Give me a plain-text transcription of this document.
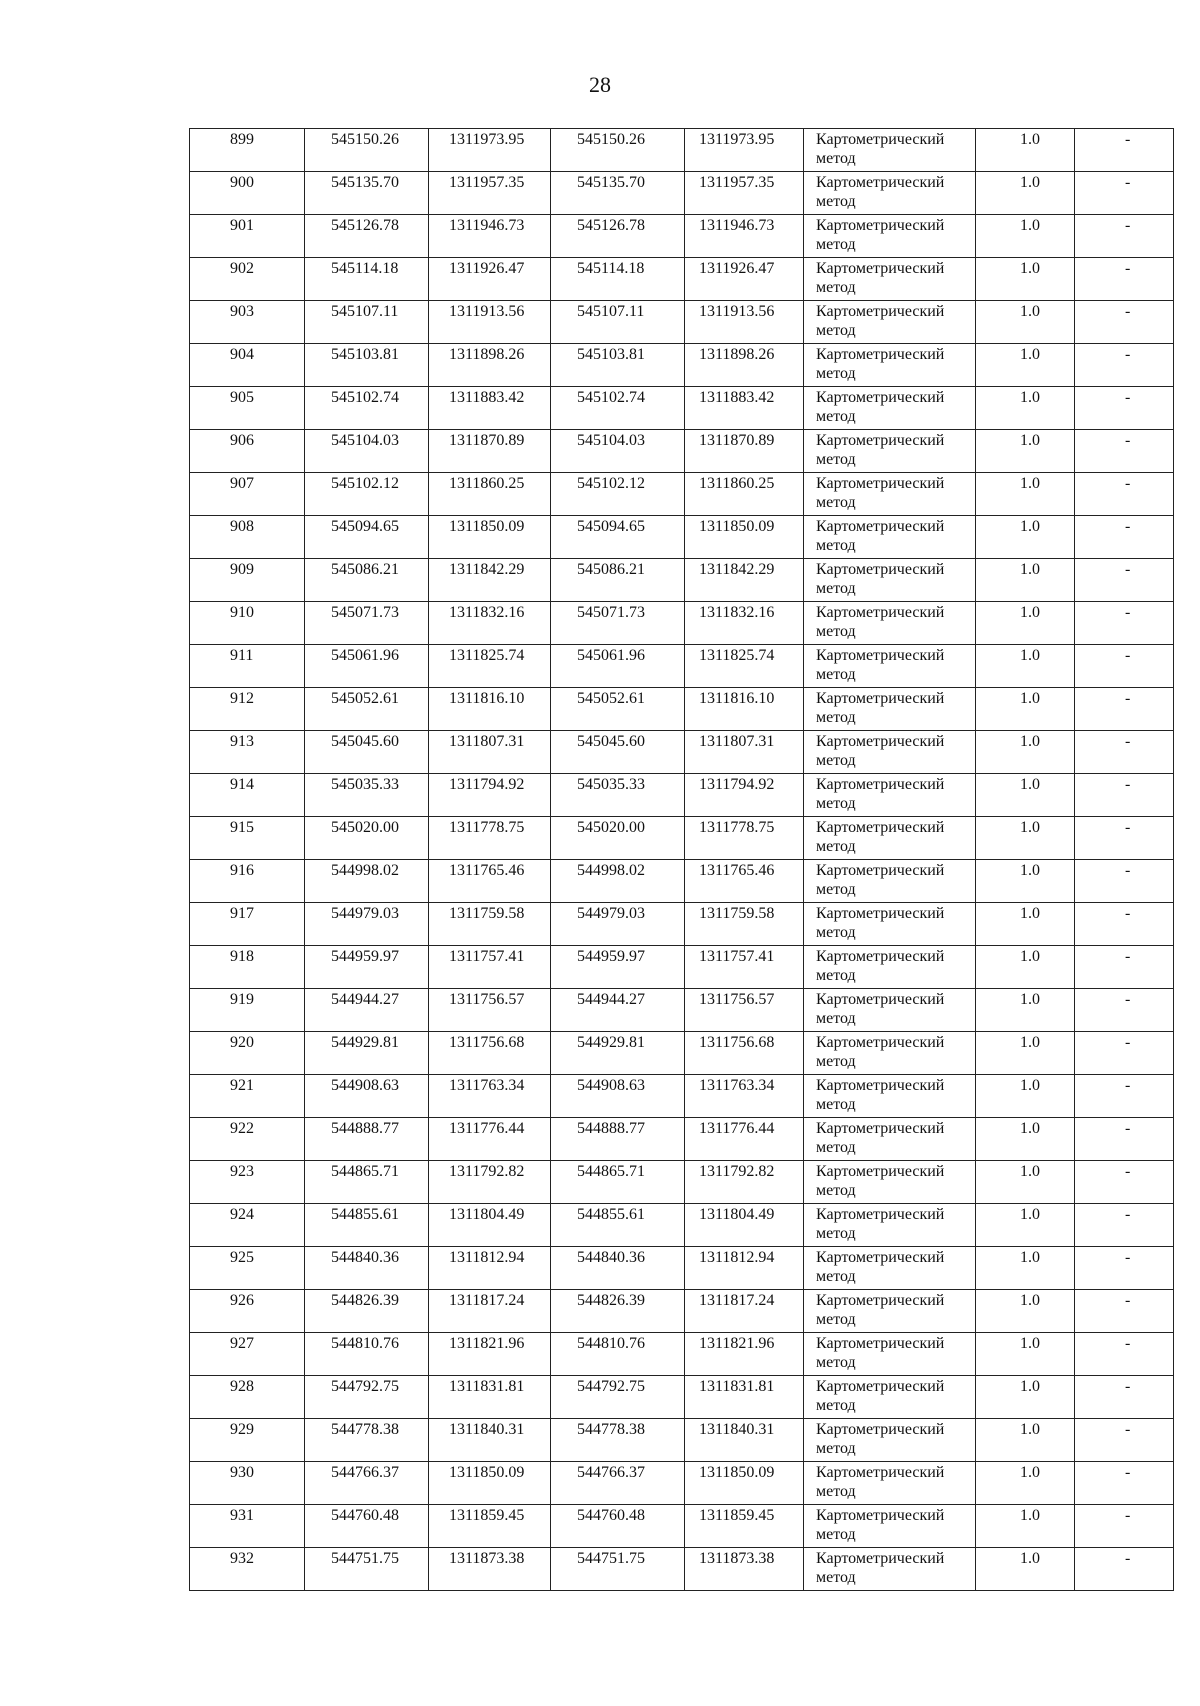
28
899	545150.26	1311973.95	545150.26	1311973.95	Картометрический метод	1.0	-

900	545135.70	1311957.35	545135.70	1311957.35	Картометрический метод	1.0	-

901	545126.78	1311946.73	545126.78	1311946.73	Картометрический метод	1.0	-

902	545114.18	1311926.47	545114.18	1311926.47	Картометрический метод	1.0	-

903	545107.11	1311913.56	545107.11	1311913.56	Картометрический метод	1.0	-

904	545103.81	1311898.26	545103.81	1311898.26	Картометрический метод	1.0	-

905	545102.74	1311883.42	545102.74	1311883.42	Картометрический метод	1.0	-

906	545104.03	1311870.89	545104.03	1311870.89	Картометрический метод	1.0	-

907	545102.12	1311860.25	545102.12	1311860.25	Картометрический метод	1.0	-

908	545094.65	1311850.09	545094.65	1311850.09	Картометрический метод	1.0	-

909	545086.21	1311842.29	545086.21	1311842.29	Картометрический метод	1.0	-

910	545071.73	1311832.16	545071.73	1311832.16	Картометрический метод	1.0	-

911	545061.96	1311825.74	545061.96	1311825.74	Картометрический метод	1.0	-

912	545052.61	1311816.10	545052.61	1311816.10	Картометрический метод	1.0	-

913	545045.60	1311807.31	545045.60	1311807.31	Картометрический метод	1.0	-

914	545035.33	1311794.92	545035.33	1311794.92	Картометрический метод	1.0	-

915	545020.00	1311778.75	545020.00	1311778.75	Картометрический метод	1.0	-

916	544998.02	1311765.46	544998.02	1311765.46	Картометрический метод	1.0	-

917	544979.03	1311759.58	544979.03	1311759.58	Картометрический метод	1.0	-

918	544959.97	1311757.41	544959.97	1311757.41	Картометрический метод	1.0	-

919	544944.27	1311756.57	544944.27	1311756.57	Картометрический метод	1.0	-

920	544929.81	1311756.68	544929.81	1311756.68	Картометрический метод	1.0	-

921	544908.63	1311763.34	544908.63	1311763.34	Картометрический метод	1.0	-

922	544888.77	1311776.44	544888.77	1311776.44	Картометрический метод	1.0	-

923	544865.71	1311792.82	544865.71	1311792.82	Картометрический метод	1.0	-

924	544855.61	1311804.49	544855.61	1311804.49	Картометрический метод	1.0	-

925	544840.36	1311812.94	544840.36	1311812.94	Картометрический метод	1.0	-

926	544826.39	1311817.24	544826.39	1311817.24	Картометрический метод	1.0	-

927	544810.76	1311821.96	544810.76	1311821.96	Картометрический метод	1.0	-

928	544792.75	1311831.81	544792.75	1311831.81	Картометрический метод	1.0	-

929	544778.38	1311840.31	544778.38	1311840.31	Картометрический метод	1.0	-

930	544766.37	1311850.09	544766.37	1311850.09	Картометрический метод	1.0	-

931	544760.48	1311859.45	544760.48	1311859.45	Картометрический метод	1.0	-

932	544751.75	1311873.38	544751.75	1311873.38	Картометрический метод	1.0	-
